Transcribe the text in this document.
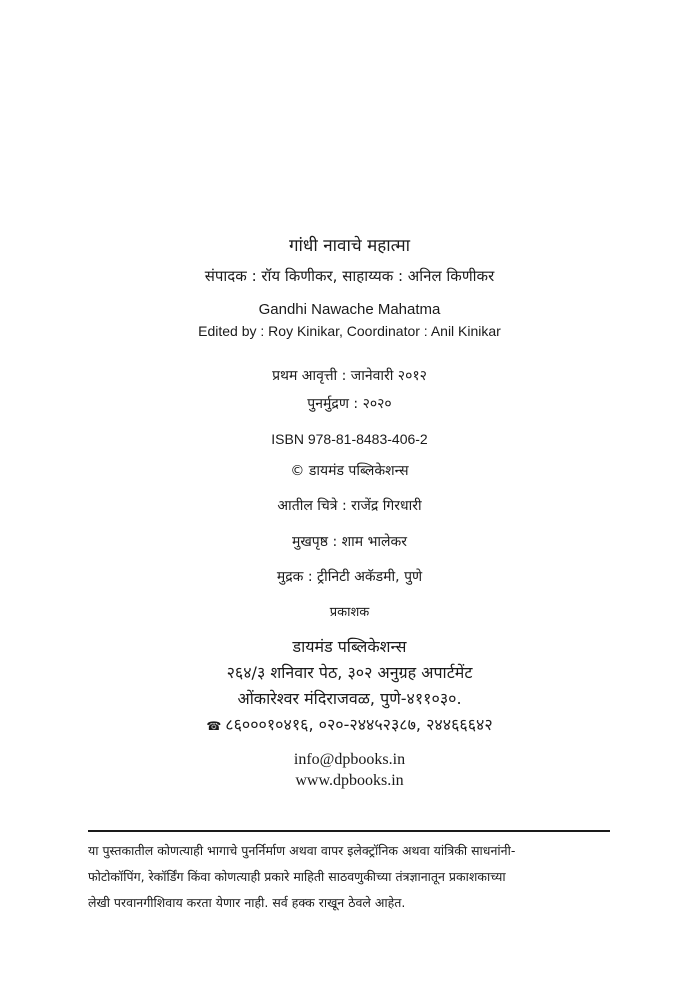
गांधी नावाचे महात्मा
संपादक : रॉय किणीकर, साहाय्यक : अनिल किणीकर
Gandhi Nawache Mahatma
Edited by : Roy Kinikar, Coordinator : Anil Kinikar
प्रथम आवृत्ती : जानेवारी २०१२
पुनर्मुद्रण : २०२०
ISBN 978-81-8483-406-2
© डायमंड पब्लिकेशन्स
आतील चित्रे : राजेंद्र गिरधारी
मुखपृष्ठ : शाम भालेकर
मुद्रक : ट्रीनिटी अकॅडमी, पुणे
प्रकाशक
डायमंड पब्लिकेशन्स
२६४/३ शनिवार पेठ, ३०२ अनुग्रह अपार्टमेंट
ओंकारेश्वर मंदिराजवळ, पुणे-४११०३०.
☎ ८६०००१०४१६, ०२०-२४४५२३८७, २४४६६६४२
info@dpbooks.in
www.dpbooks.in
या पुस्तकातील कोणत्याही भागाचे पुनर्निर्माण अथवा वापर इलेक्ट्रॉनिक अथवा यांत्रिकी साधनांनी-
फोटोकॉपिंग, रेकॉर्डिंग किंवा कोणत्याही प्रकारे माहिती साठवणुकीच्या तंत्रज्ञानातून प्रकाशकाच्या
लेखी परवानगीशिवाय करता येणार नाही. सर्व हक्क राखून ठेवले आहेत.
